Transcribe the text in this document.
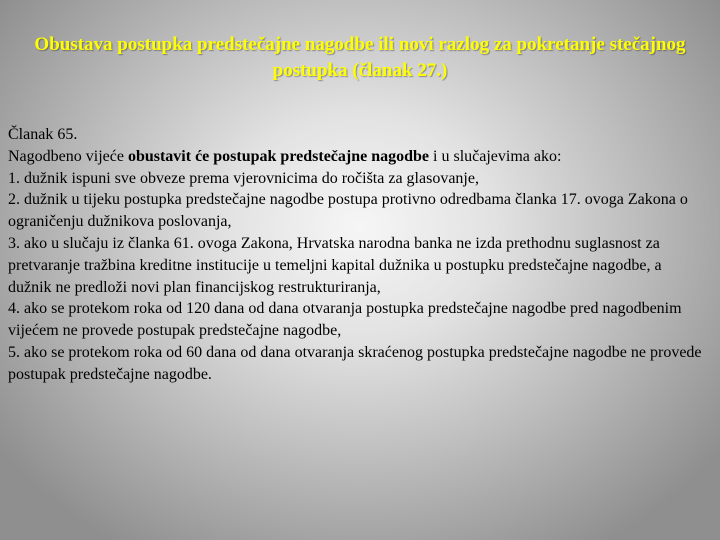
Obustava postupka predstečajne nagodbe ili novi razlog za pokretanje stečajnog postupka (članak 27.)

Članak 65.

Nagodbeno vijeće obustavit će postupak predstečajne nagodbe i u slučajevima ako:

1. dužnik ispuni sve obveze prema vjerovnicima do ročišta za glasovanje,

2. dužnik u tijeku postupka predstečajne nagodbe postupa protivno odredbama članka 17. ovoga Zakona o ograničenju dužnikova poslovanja,

3. ako u slučaju iz članka 61. ovoga Zakona, Hrvatska narodna banka ne izda prethodnu suglasnost za pretvaranje tražbina kreditne institucije u temeljni kapital dužnika u postupku predstečajne nagodbe, a dužnik ne predloži novi plan financijskog restrukturiranja,

4. ako se protekom roka od 120 dana od dana otvaranja postupka predstečajne nagodbe pred nagodbenim vijećem ne provede postupak predstečajne nagodbe,

5. ako se protekom roka od 60 dana od dana otvaranja skraćenog postupka predstečajne nagodbe ne provede postupak predstečajne nagodbe.
